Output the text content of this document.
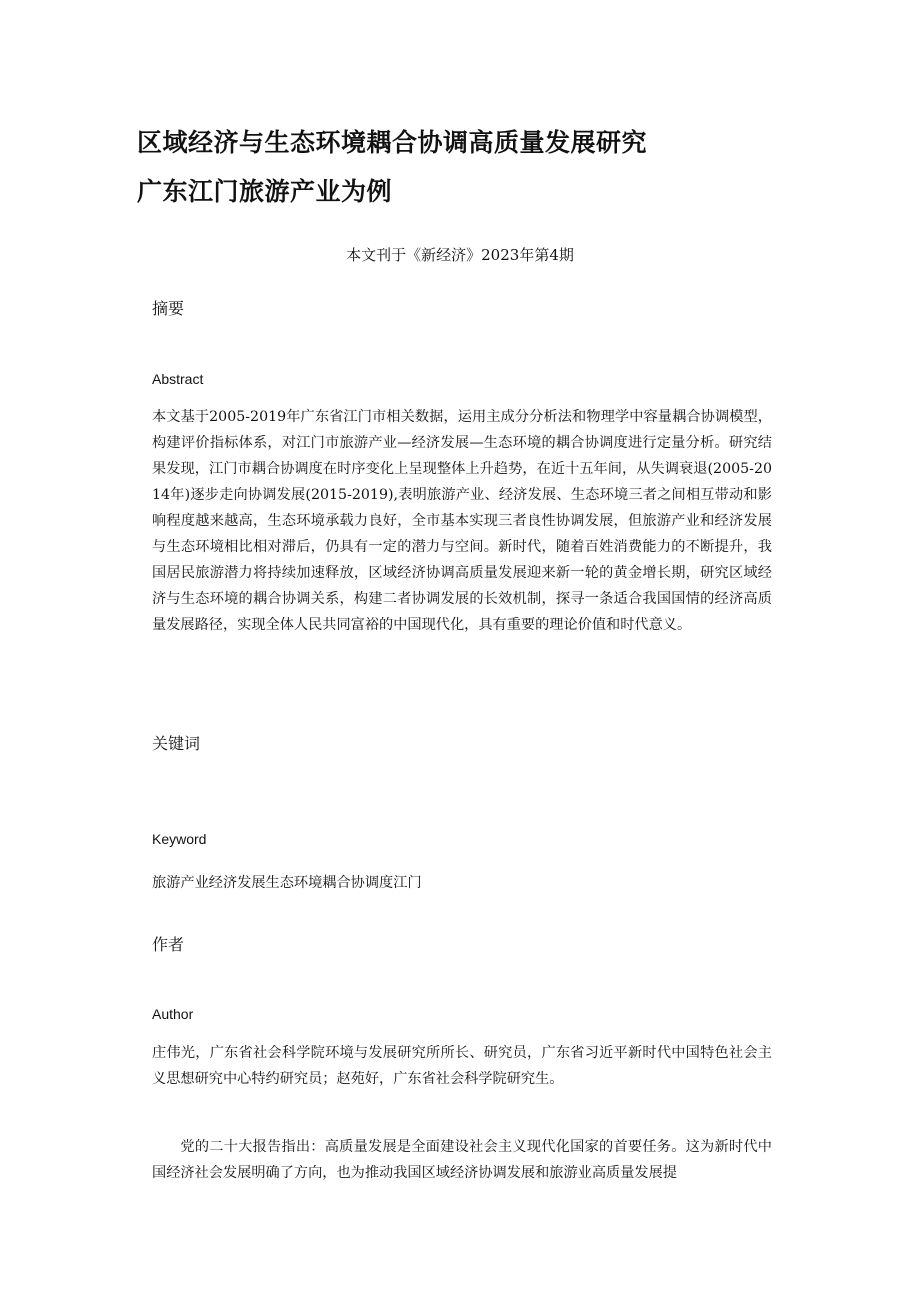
区域经济与生态环境耦合协调高质量发展研究
广东江门旅游产业为例

本文刊于《新经济》2023年第4期

摘要
Abstract

本文基于2005-2019年广东省江门市相关数据，运用主成分分析法和物理学中容量耦合协调模型，构建评价指标体系，对江门市旅游产业—经济发展—生态环境的耦合协调度进行定量分析。研究结果发现，江门市耦合协调度在时序变化上呈现整体上升趋势，在近十五年间，从失调衰退(2005-2014年)逐步走向协调发展(2015-2019),表明旅游产业、经济发展、生态环境三者之间相互带动和影响程度越来越高，生态环境承载力良好，全市基本实现三者良性协调发展，但旅游产业和经济发展与生态环境相比相对滞后，仍具有一定的潜力与空间。新时代，随着百姓消费能力的不断提升，我国居民旅游潜力将持续加速释放，区域经济协调高质量发展迎来新一轮的黄金增长期，研究区域经济与生态环境的耦合协调关系，构建二者协调发展的长效机制，探寻一条适合我国国情的经济高质量发展路径，实现全体人民共同富裕的中国现代化，具有重要的理论价值和时代意义。

关键词
Keyword

旅游产业经济发展生态环境耦合协调度江门

作者
Author

庄伟光，广东省社会科学院环境与发展研究所所长、研究员，广东省习近平新时代中国特色社会主义思想研究中心特约研究员；赵苑好，广东省社会科学院研究生。

党的二十大报告指出：高质量发展是全面建设社会主义现代化国家的首要任务。这为新时代中国经济社会发展明确了方向，也为推动我国区域经济协调发展和旅游业高质量发展提
